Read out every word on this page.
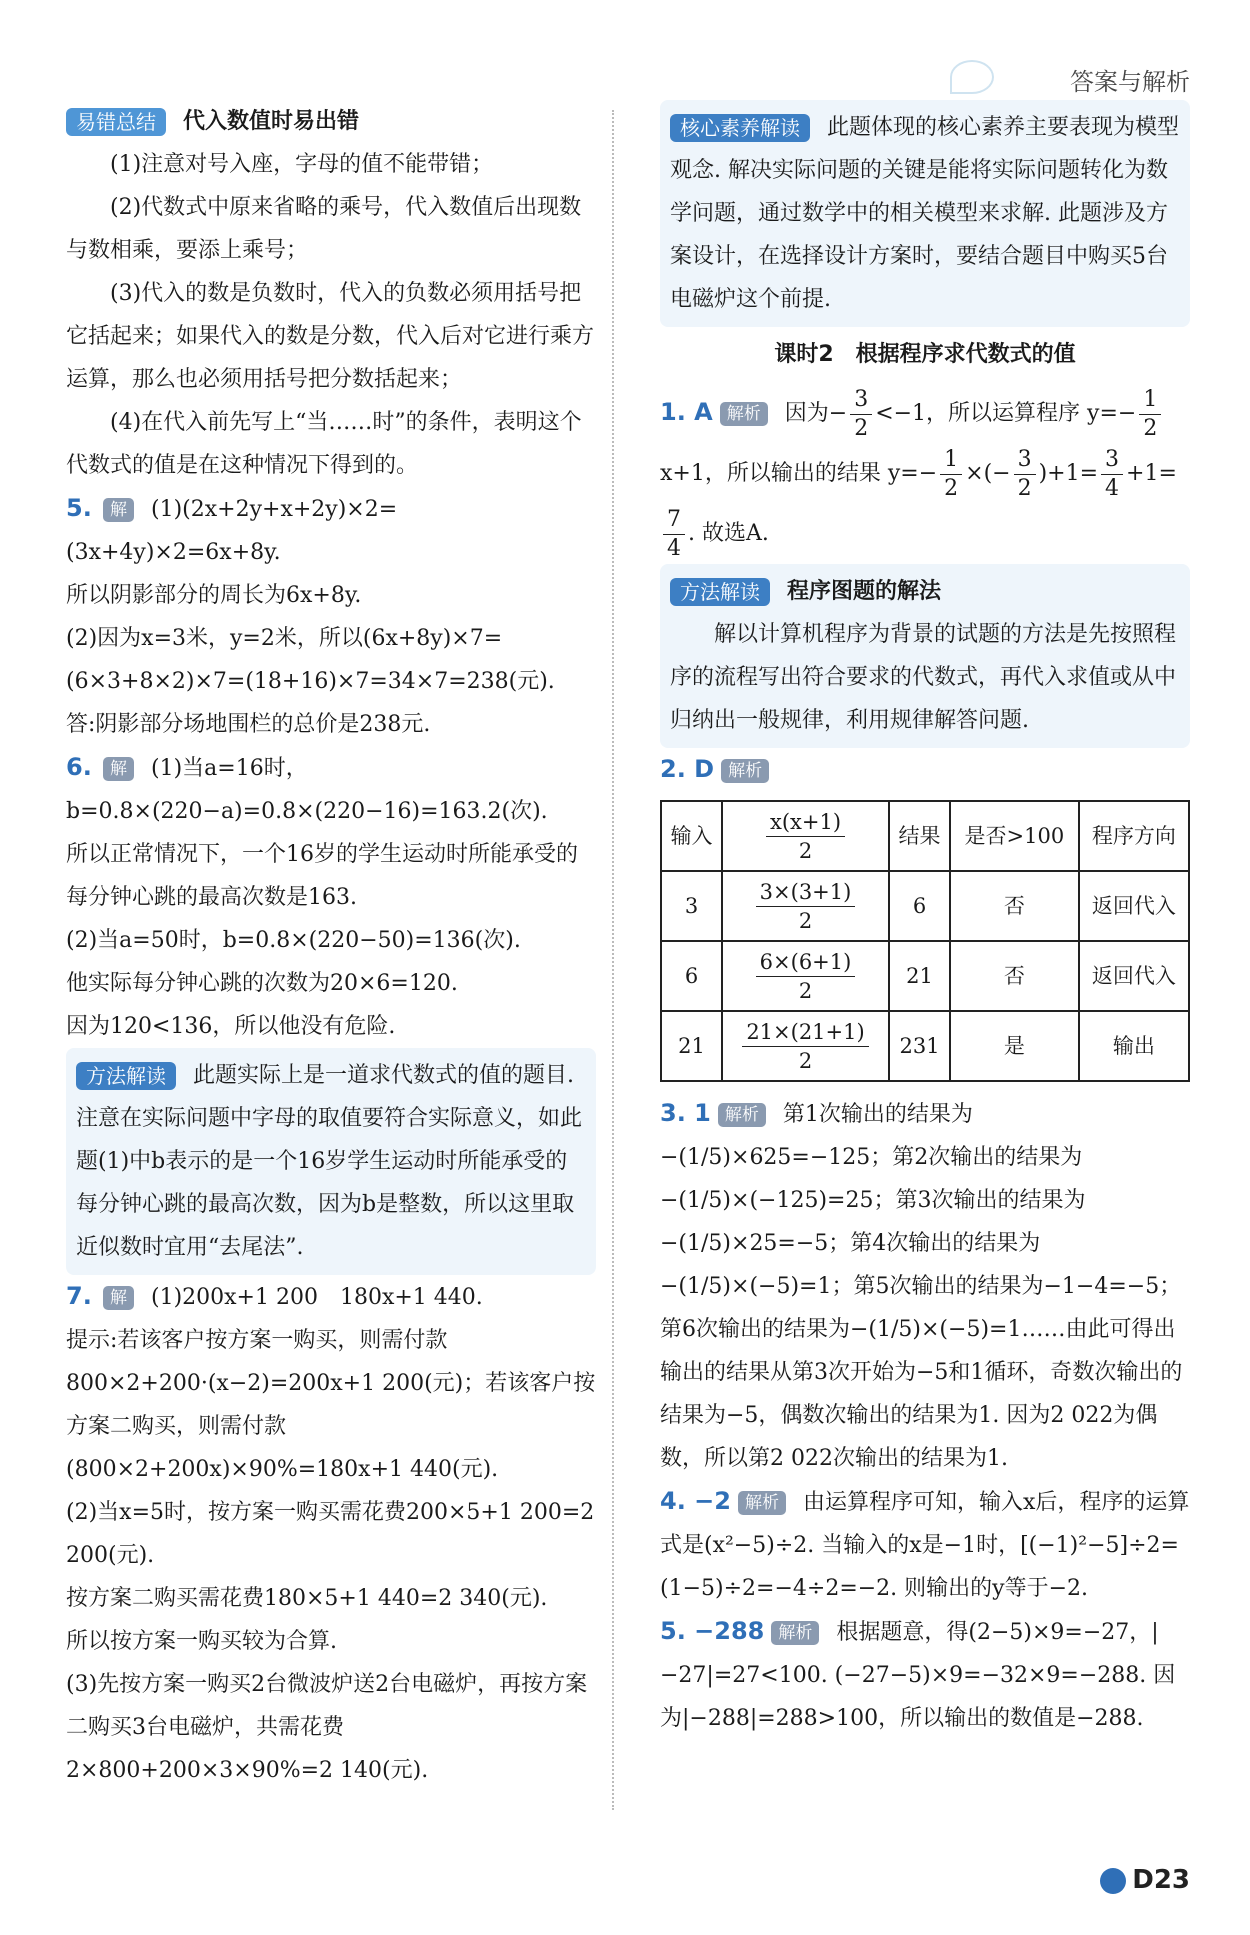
答案与解析
易错总结 代入数值时易出错

(1)注意对号入座，字母的值不能带错；

(2)代数式中原来省略的乘号，代入数值后出现数与数相乘，要添上乘号；

(3)代入的数是负数时，代入的负数必须用括号把它括起来；如果代入的数是分数，代入后对它进行乘方运算，那么也必须用括号把分数括起来；

(4)在代入前先写上“当……时”的条件，表明这个代数式的值是在这种情况下得到的。

5. 解 (1)(2x+2y+x+2y)×2=(3x+4y)×2=6x+8y.

所以阴影部分的周长为6x+8y.

(2)因为x=3米，y=2米，所以(6x+8y)×7=(6×3+8×2)×7=(18+16)×7=34×7=238(元).

答:阴影部分场地围栏的总价是238元.

6. 解 (1)当a=16时，b=0.8×(220−a)=0.8×(220−16)=163.2(次).

所以正常情况下，一个16岁的学生运动时所能承受的每分钟心跳的最高次数是163.

(2)当a=50时，b=0.8×(220−50)=136(次).

他实际每分钟心跳的次数为20×6=120.

因为120<136，所以他没有危险.

方法解读 此题实际上是一道求代数式的值的题目. 注意在实际问题中字母的取值要符合实际意义，如此题(1)中b表示的是一个16岁学生运动时所能承受的每分钟心跳的最高次数，因为b是整数，所以这里取近似数时宜用“去尾法”.
7. 解 (1)200x+1 200　180x+1 440.

提示:若该客户按方案一购买，则需付款800×2+200·(x−2)=200x+1 200(元)；若该客户按方案二购买，则需付款(800×2+200x)×90%=180x+1 440(元).

(2)当x=5时，按方案一购买需花费200×5+1 200=2 200(元).

按方案二购买需花费180×5+1 440=2 340(元).

所以按方案一购买较为合算.

(3)先按方案一购买2台微波炉送2台电磁炉，再按方案二购买3台电磁炉，共需花费2×800+200×3×90%=2 140(元).

核心素养解读 此题体现的核心素养主要表现为模型观念. 解决实际问题的关键是能将实际问题转化为数学问题，通过数学中的相关模型来求解. 此题涉及方案设计，在选择设计方案时，要结合题目中购买5台电磁炉这个前提.
课时2　根据程序求代数式的值
1. A 解析 因为− $\frac{3}{2} <-1$，所以运算程序 $y=- \frac{1}{2}$
x+1，所以输出的结果 $y=- \frac{1}{2}$ ×(− $\frac{3}{2} )+1= \frac{3}{4} +1=$
$\frac{7}{4}$ . 故选A.
方法解读 程序图题的解法

解以计算机程序为背景的试题的方法是先按照程序的流程写出符合要求的代数式，再代入求值或从中归纳出一般规律，利用规律解答问题.

2. D 解析
输入	$\frac{x(x+1)}{2}$	结果	是否>100	程序方向
3	$\frac{3\times(3+1)}{2}$	6	否	返回代入
6	$\frac{6\times(6+1)}{2}$	21	否	返回代入
21	$\frac{21\times(21+1)}{2}$	231	是	输出
3. 1 解析 第1次输出的结果为−(1/5)×625=−125；第2次输出的结果为−(1/5)×(−125)=25；第3次输出的结果为−(1/5)×25=−5；第4次输出的结果为−(1/5)×(−5)=1；第5次输出的结果为−1−4=−5；第6次输出的结果为−(1/5)×(−5)=1……由此可得出输出的结果从第3次开始为−5和1循环，奇数次输出的结果为−5，偶数次输出的结果为1. 因为2 022为偶数，所以第2 022次输出的结果为1.
4. −2 解析 由运算程序可知，输入x后，程序的运算式是(x²−5)÷2. 当输入的x是−1时，[(−1)²−5]÷2=(1−5)÷2=−4÷2=−2. 则输出的y等于−2.
5. −288 解析 根据题意，得(2−5)×9=−27，|−27|=27<100. (−27−5)×9=−32×9=−288. 因为|−288|=288>100，所以输出的数值是−288.
D23
